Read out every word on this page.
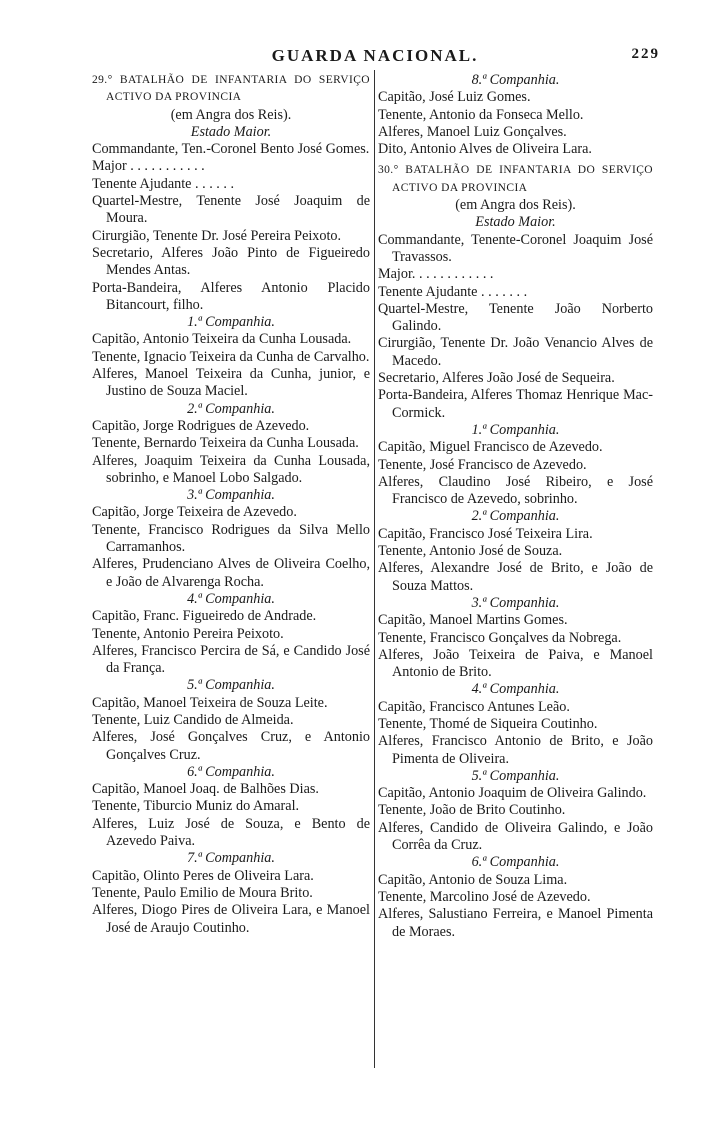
GUARDA NACIONAL.	229

29.° BATALHÃO DE INFANTARIA DO SERVIÇO ACTIVO DA PROVINCIA

(em Angra dos Reis).

Estado Maior.

Commandante, Ten.-Coronel Bento José Gomes.

Major . . . . . . . . . . .

Tenente Ajudante . . . . . .

Quartel-Mestre, Tenente José Joaquim de Moura.

Cirurgião, Tenente Dr. José Pereira Peixoto.

Secretario, Alferes João Pinto de Figueiredo Mendes Antas.

Porta-Bandeira, Alferes Antonio Placido Bitancourt, filho.

1.ª Companhia.

Capitão, Antonio Teixeira da Cunha Lousada.

Tenente, Ignacio Teixeira da Cunha de Carvalho.

Alferes, Manoel Teixeira da Cunha, junior, e Justino de Souza Maciel.

2.ª Companhia.

Capitão, Jorge Rodrigues de Azevedo.

Tenente, Bernardo Teixeira da Cunha Lousada.

Alferes, Joaquim Teixeira da Cunha Lousada, sobrinho, e Manoel Lobo Salgado.

3.ª Companhia.

Capitão, Jorge Teixeira de Azevedo.

Tenente, Francisco Rodrigues da Silva Mello Carramanhos.

Alferes, Prudenciano Alves de Oliveira Coelho, e João de Alvarenga Rocha.

4.ª Companhia.

Capitão, Franc. Figueiredo de Andrade.

Tenente, Antonio Pereira Peixoto.

Alferes, Francisco Percira de Sá, e Candido José da França.

5.ª Companhia.

Capitão, Manoel Teixeira de Souza Leite.

Tenente, Luiz Candido de Almeida.

Alferes, José Gonçalves Cruz, e Antonio Gonçalves Cruz.

6.ª Companhia.

Capitão, Manoel Joaq. de Balhões Dias.

Tenente, Tiburcio Muniz do Amaral.

Alferes, Luiz José de Souza, e Bento de Azevedo Paiva.

7.ª Companhia.

Capitão, Olinto Peres de Oliveira Lara.

Tenente, Paulo Emilio de Moura Brito.

Alferes, Diogo Pires de Oliveira Lara, e Manoel José de Araujo Coutinho.

8.ª Companhia.

Capitão, José Luiz Gomes.

Tenente, Antonio da Fonseca Mello.

Alferes, Manoel Luiz Gonçalves.

Dito, Antonio Alves de Oliveira Lara.

30.° BATALHÃO DE INFANTARIA DO SERVIÇO ACTIVO DA PROVINCIA

(em Angra dos Reis).

Estado Maior.

Commandante, Tenente-Coronel Joaquim José Travassos.

Major. . . . . . . . . . . .

Tenente Ajudante . . . . . . .

Quartel-Mestre, Tenente João Norberto Galindo.

Cirurgião, Tenente Dr. João Venancio Alves de Macedo.

Secretario, Alferes João José de Sequeira.

Porta-Bandeira, Alferes Thomaz Henrique Mac-Cormick.

1.ª Companhia.

Capitão, Miguel Francisco de Azevedo.

Tenente, José Francisco de Azevedo.

Alferes, Claudino José Ribeiro, e José Francisco de Azevedo, sobrinho.

2.ª Companhia.

Capitão, Francisco José Teixeira Lira.

Tenente, Antonio José de Souza.

Alferes, Alexandre José de Brito, e João de Souza Mattos.

3.ª Companhia.

Capitão, Manoel Martins Gomes.

Tenente, Francisco Gonçalves da Nobrega.

Alferes, João Teixeira de Paiva, e Manoel Antonio de Brito.

4.ª Companhia.

Capitão, Francisco Antunes Leão.

Tenente, Thomé de Siqueira Coutinho.

Alferes, Francisco Antonio de Brito, e João Pimenta de Oliveira.

5.ª Companhia.

Capitão, Antonio Joaquim de Oliveira Galindo.

Tenente, João de Brito Coutinho.

Alferes, Candido de Oliveira Galindo, e João Corrêa da Cruz.

6.ª Companhia.

Capitão, Antonio de Souza Lima.

Tenente, Marcolino José de Azevedo.

Alferes, Salustiano Ferreira, e Manoel Pimenta de Moraes.
